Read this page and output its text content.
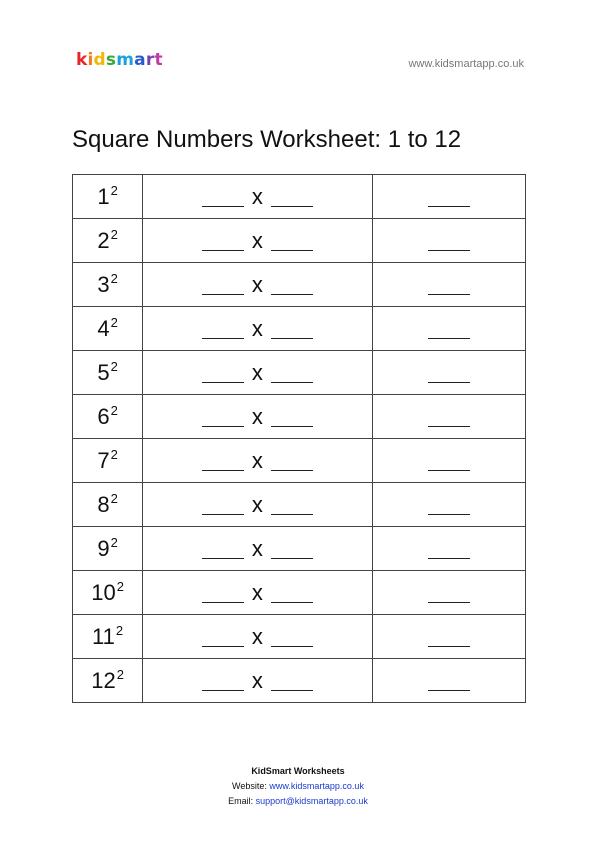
kidsmart	www.kidsmartapp.co.uk
Square Numbers Worksheet: 1 to 12
$1^2$	x	
$2^2$	x	
$3^2$	x	
$4^2$	x	
$5^2$	x	
$6^2$	x	
$7^2$	x	
$8^2$	x	
$9^2$	x	
$10^2$	x	
$11^2$	x	
$12^2$	x	
KidSmart Worksheets
Website: www.kidsmartapp.co.uk
Email: support@kidsmartapp.co.uk
